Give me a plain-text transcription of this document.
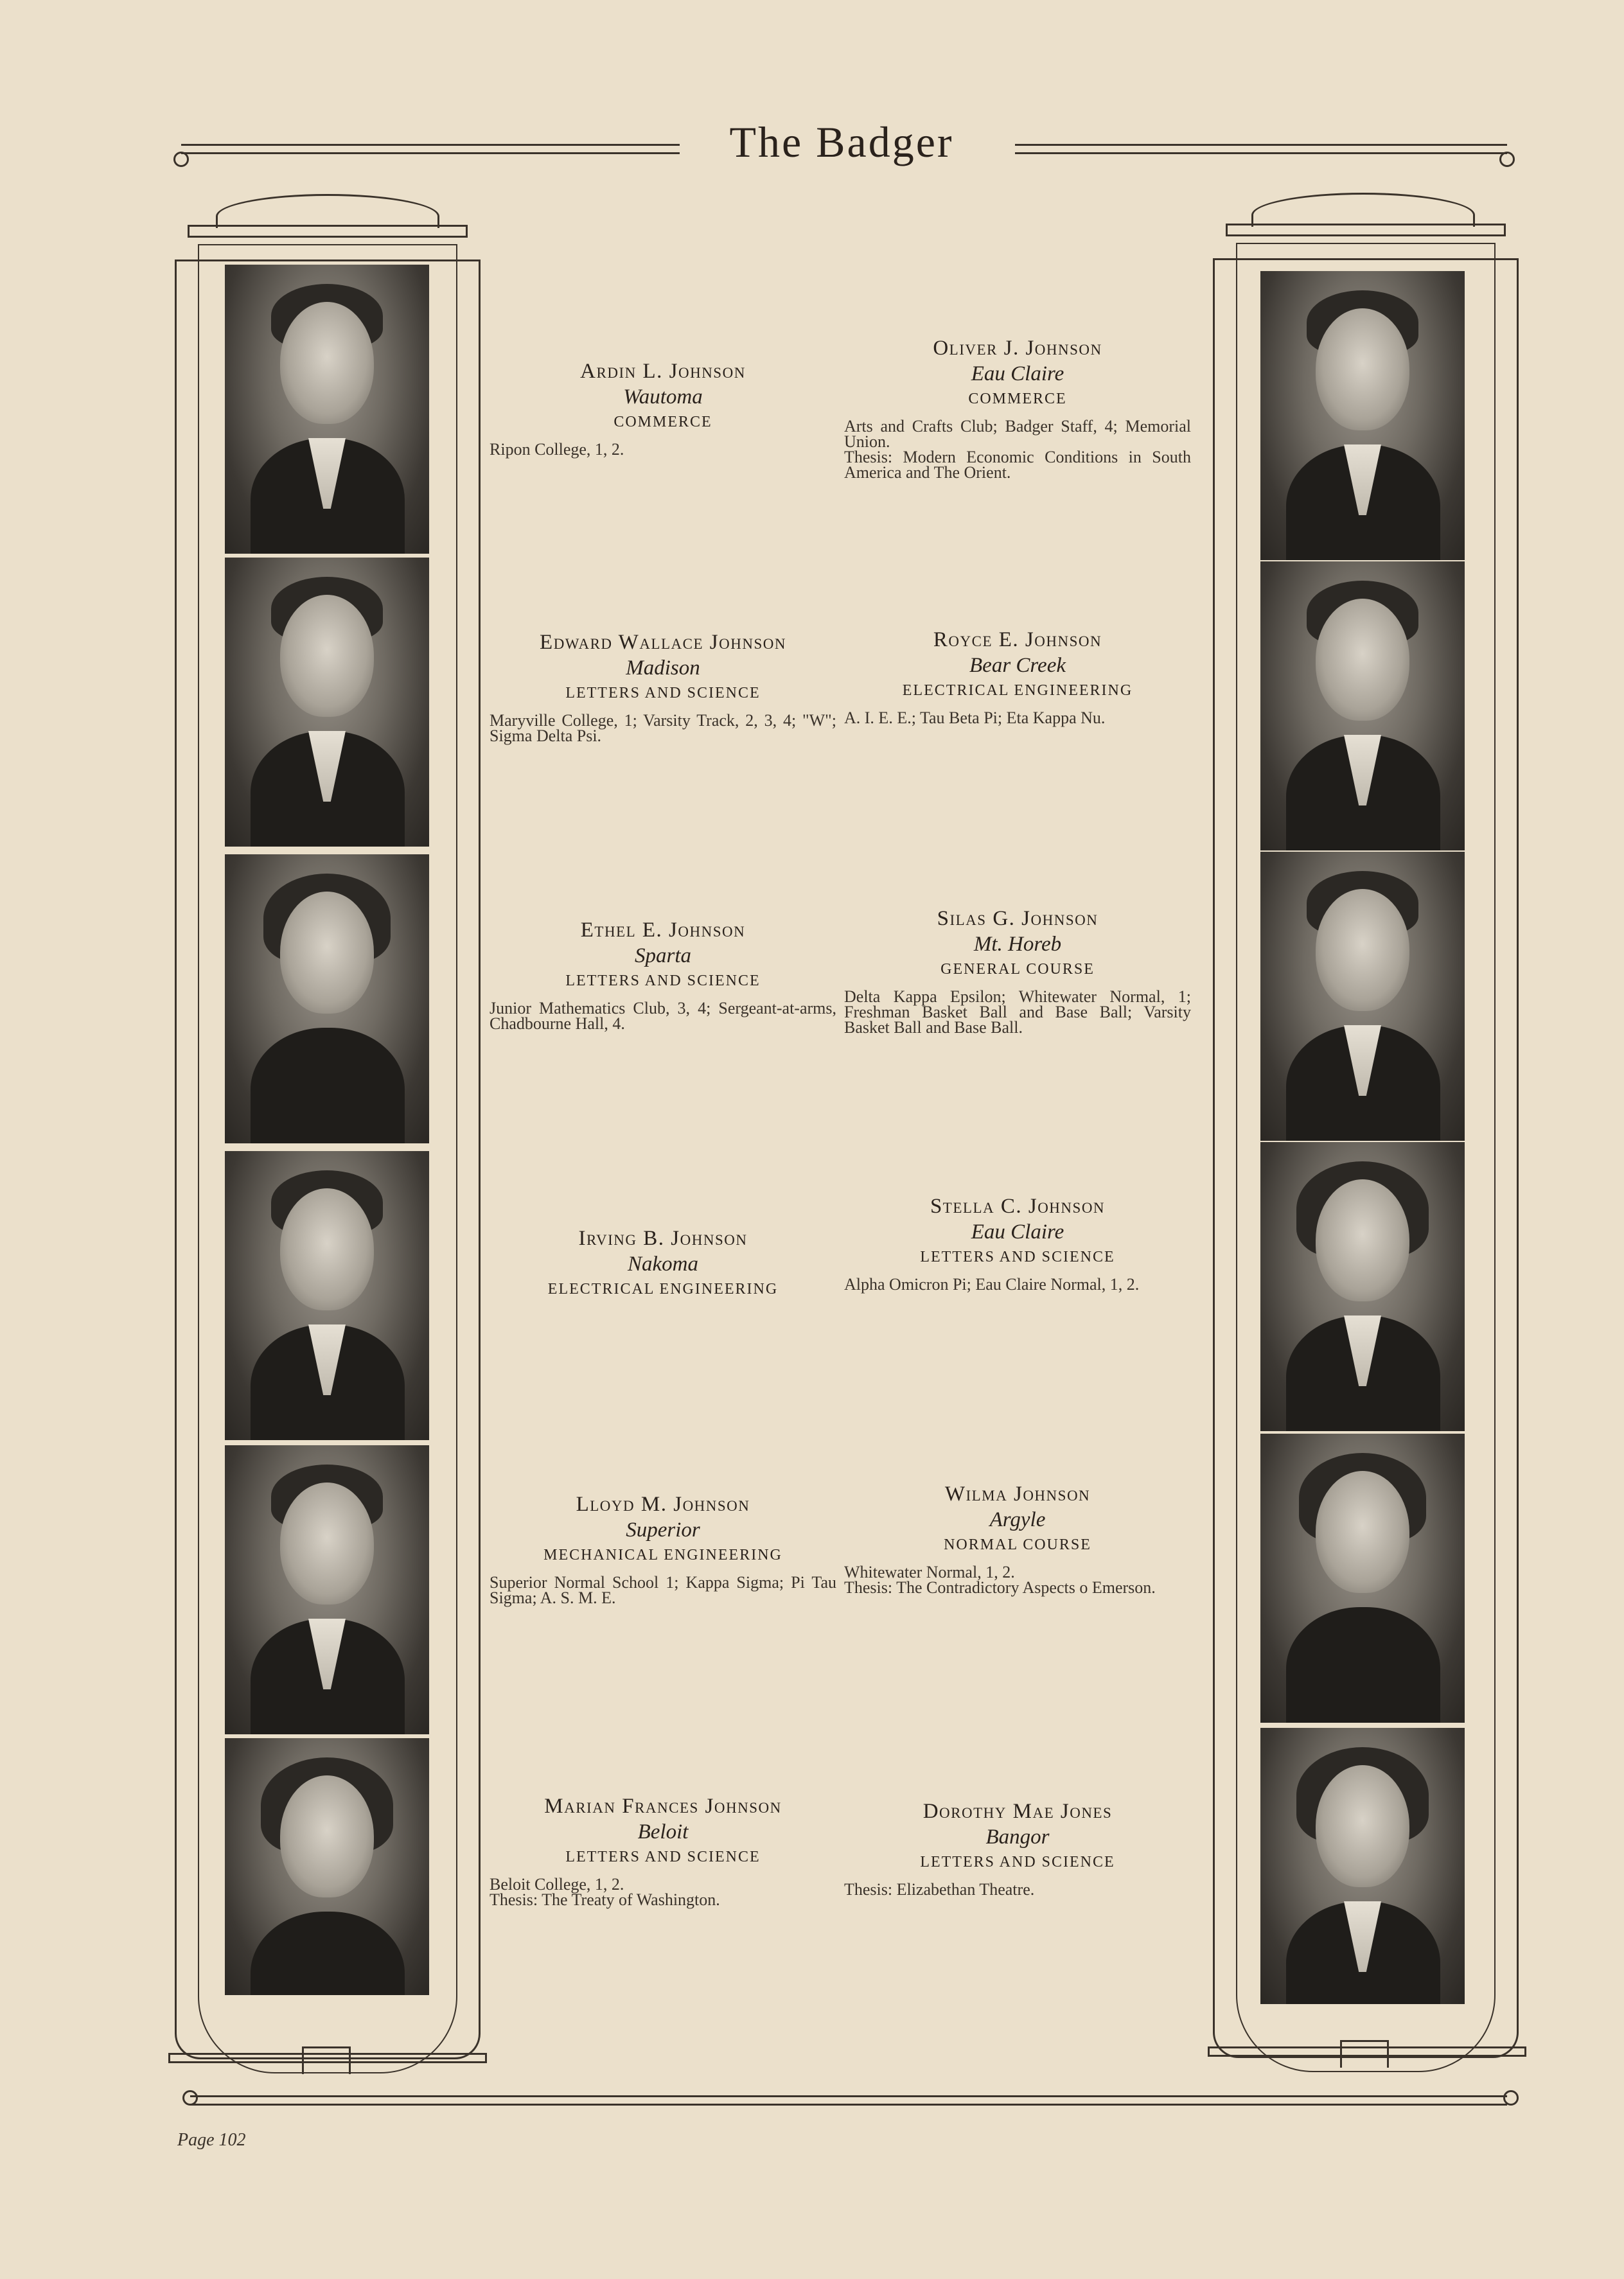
The Badger
Ardin L. Johnson
Wautoma
COMMERCE
Ripon College, 1, 2.
Edward Wallace Johnson
Madison
LETTERS AND SCIENCE
Maryville College, 1; Varsity Track, 2, 3, 4; "W"; Sigma Delta Psi.
Ethel E. Johnson
Sparta
LETTERS AND SCIENCE
Junior Mathematics Club, 3, 4; Sergeant-at-arms, Chadbourne Hall, 4.
Irving B. Johnson
Nakoma
ELECTRICAL ENGINEERING
Lloyd M. Johnson
Superior
MECHANICAL ENGINEERING
Superior Normal School 1; Kappa Sigma; Pi Tau Sigma; A. S. M. E.
Marian Frances Johnson
Beloit
LETTERS AND SCIENCE
Beloit College, 1, 2.
Thesis: The Treaty of Washington.
Oliver J. Johnson
Eau Claire
COMMERCE
Arts and Crafts Club; Badger Staff, 4; Memorial Union.
Thesis: Modern Economic Conditions in South America and The Orient.
Royce E. Johnson
Bear Creek
ELECTRICAL ENGINEERING
A. I. E. E.; Tau Beta Pi; Eta Kappa Nu.
Silas G. Johnson
Mt. Horeb
GENERAL COURSE
Delta Kappa Epsilon; Whitewater Normal, 1; Freshman Basket Ball and Base Ball; Varsity Basket Ball and Base Ball.
Stella C. Johnson
Eau Claire
LETTERS AND SCIENCE
Alpha Omicron Pi; Eau Claire Normal, 1, 2.
Wilma Johnson
Argyle
NORMAL COURSE
Whitewater Normal, 1, 2.
Thesis: The Contradictory Aspects o Emerson.
Dorothy Mae Jones
Bangor
LETTERS AND SCIENCE
Thesis: Elizabethan Theatre.
Page 102
